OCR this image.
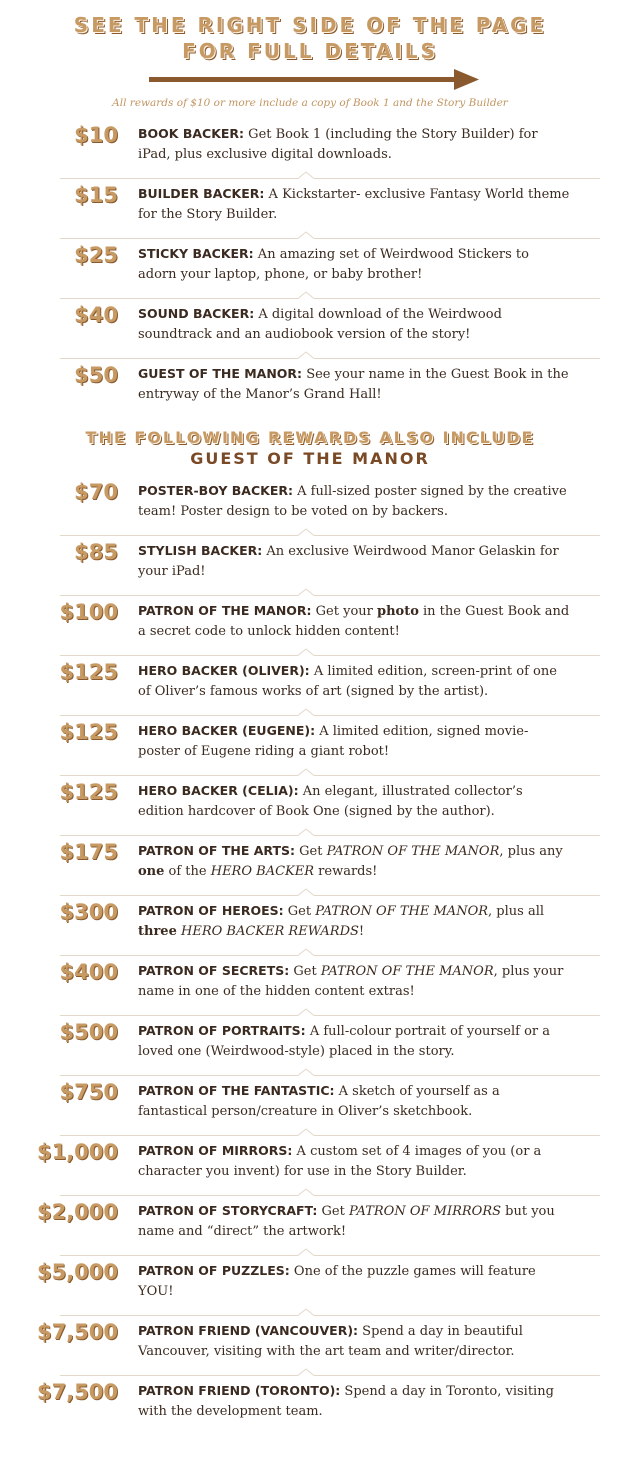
SEE THE RIGHT SIDE OF THE PAGE
FOR FULL DETAILS
All rewards of $10 or more include a copy of Book 1 and the Story Builder
$10 BOOK BACKER: Get Book 1 (including the Story Builder) for iPad, plus exclusive digital downloads.
$15 BUILDER BACKER: A Kickstarter- exclusive Fantasy World theme for the Story Builder.
$25 STICKY BACKER: An amazing set of Weirdwood Stickers to adorn your laptop, phone, or baby brother!
$40 SOUND BACKER: A digital download of the Weirdwood soundtrack and an audiobook version of the story!
$50 GUEST OF THE MANOR: See your name in the Guest Book in the entryway of the Manor’s Grand Hall!
THE FOLLOWING REWARDS ALSO INCLUDE
GUEST OF THE MANOR
$70 POSTER-BOY BACKER: A full-sized poster signed by the creative team! Poster design to be voted on by backers.
$85 STYLISH BACKER: An exclusive Weirdwood Manor Gelaskin for your iPad!
$100 PATRON OF THE MANOR: Get your photo in the Guest Book and a secret code to unlock hidden content!
$125 HERO BACKER (OLIVER): A limited edition, screen-print of one of Oliver’s famous works of art (signed by the artist).
$125 HERO BACKER (EUGENE): A limited edition, signed movie-poster of Eugene riding a giant robot!
$125 HERO BACKER (CELIA): An elegant, illustrated collector’s edition hardcover of Book One (signed by the author).
$175 PATRON OF THE ARTS: Get PATRON OF THE MANOR, plus any one of the HERO BACKER rewards!
$300 PATRON OF HEROES: Get PATRON OF THE MANOR, plus all three HERO BACKER REWARDS!
$400 PATRON OF SECRETS: Get PATRON OF THE MANOR, plus your name in one of the hidden content extras!
$500 PATRON OF PORTRAITS: A full-colour portrait of yourself or a loved one (Weirdwood-style) placed in the story.
$750 PATRON OF THE FANTASTIC: A sketch of yourself as a fantastical person/creature in Oliver’s sketchbook.
$1,000 PATRON OF MIRRORS: A custom set of 4 images of you (or a character you invent) for use in the Story Builder.
$2,000 PATRON OF STORYCRAFT: Get PATRON OF MIRRORS but you name and “direct” the artwork!
$5,000 PATRON OF PUZZLES: One of the puzzle games will feature YOU!
$7,500 PATRON FRIEND (VANCOUVER): Spend a day in beautiful Vancouver, visiting with the art team and writer/director.
$7,500 PATRON FRIEND (TORONTO): Spend a day in Toronto, visiting with the development team.
